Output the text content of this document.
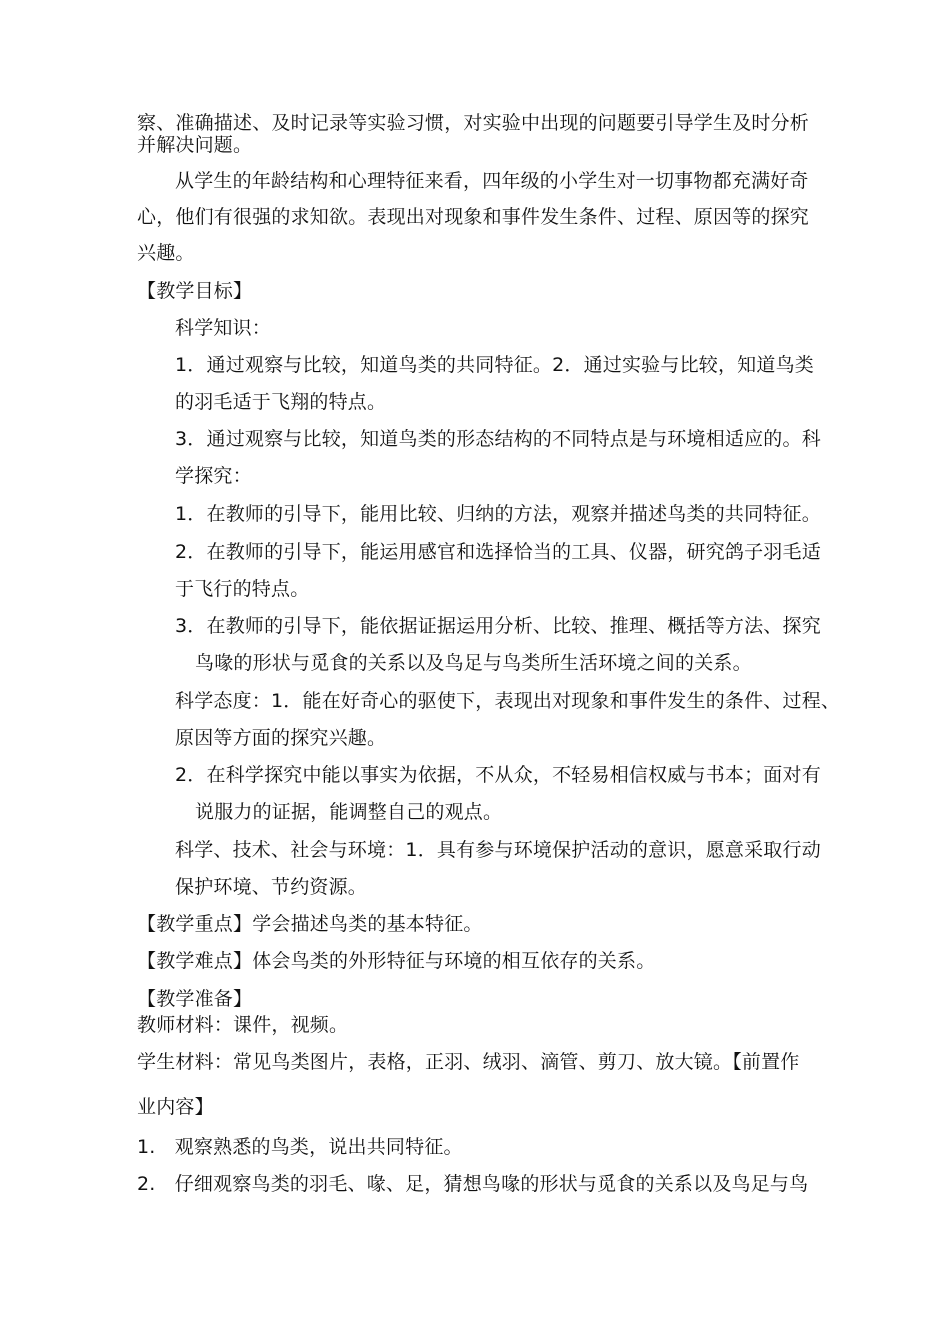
察、准确描述、及时记录等实验习惯，对实验中出现的问题要引导学生及时分析
并解决问题。
从学生的年龄结构和心理特征来看，四年级的小学生对一切事物都充满好奇
心，他们有很强的求知欲。表现出对现象和事件发生条件、过程、原因等的探究
兴趣。
【教学目标】
科学知识：
1．通过观察与比较，知道鸟类的共同特征。2．通过实验与比较，知道鸟类
的羽毛适于飞翔的特点。
3．通过观察与比较，知道鸟类的形态结构的不同特点是与环境相适应的。科
学探究：
1．在教师的引导下，能用比较、归纳的方法，观察并描述鸟类的共同特征。
2．在教师的引导下，能运用感官和选择恰当的工具、仪器，研究鸽子羽毛适
于飞行的特点。
3．在教师的引导下，能依据证据运用分析、比较、推理、概括等方法、探究
鸟喙的形状与觅食的关系以及鸟足与鸟类所生活环境之间的关系。
科学态度：1．能在好奇心的驱使下，表现出对现象和事件发生的条件、过程、
原因等方面的探究兴趣。
2．在科学探究中能以事实为依据，不从众，不轻易相信权威与书本；面对有
说服力的证据，能调整自己的观点。
科学、技术、社会与环境：1．具有参与环境保护活动的意识，愿意采取行动
保护环境、节约资源。
【教学重点】学会描述鸟类的基本特征。
【教学难点】体会鸟类的外形特征与环境的相互依存的关系。
【教学准备】
教师材料：课件，视频。
学生材料：常见鸟类图片，表格，正羽、绒羽、滴管、剪刀、放大镜。【前置作
业内容】
1.　观察熟悉的鸟类，说出共同特征。
2.　仔细观察鸟类的羽毛、喙、足，猜想鸟喙的形状与觅食的关系以及鸟足与鸟
